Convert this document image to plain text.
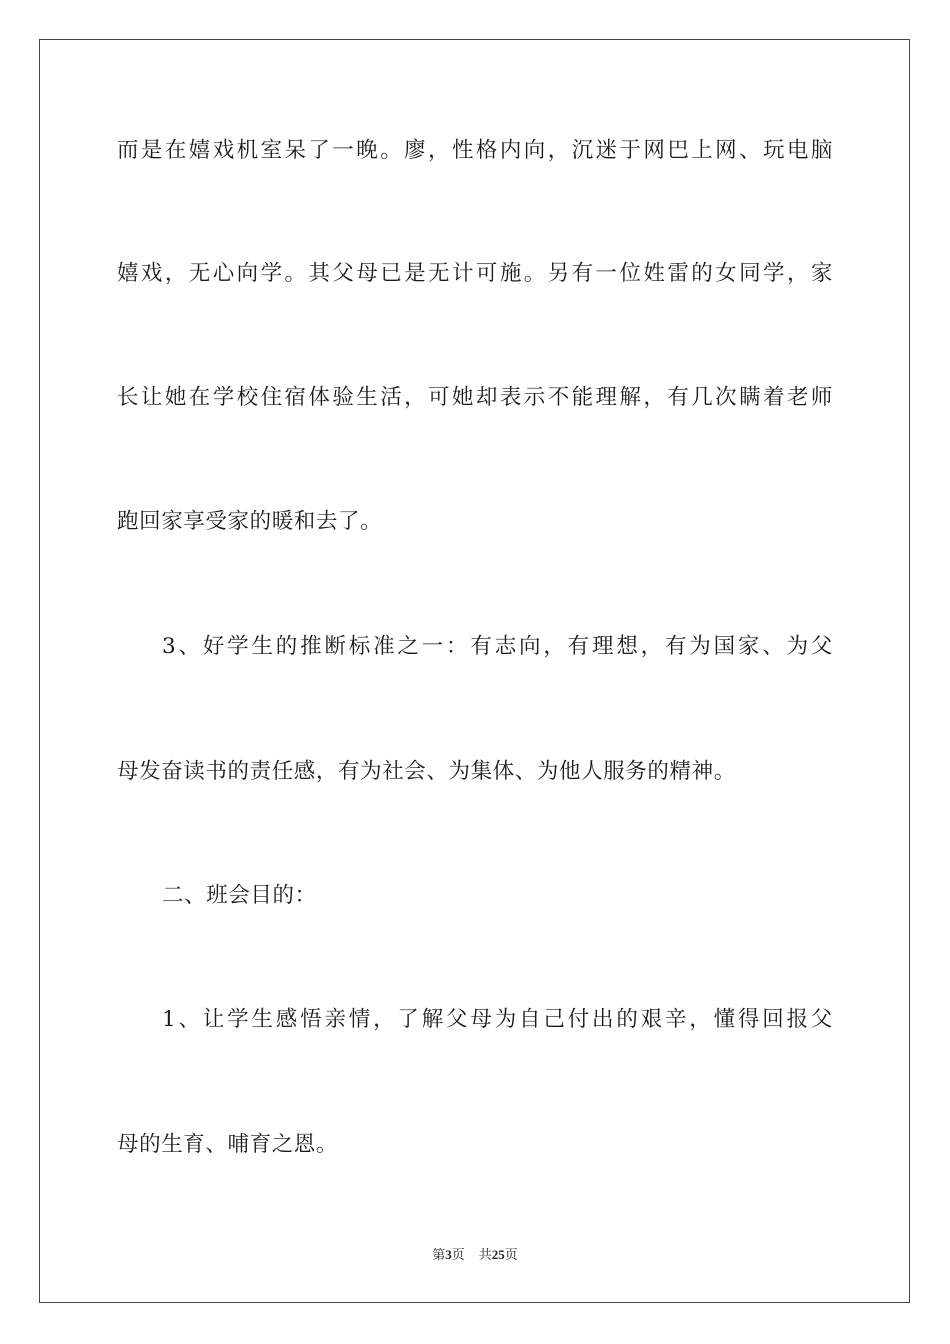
而是在嬉戏机室呆了一晚。廖，性格内向，沉迷于网巴上网、玩电脑
嬉戏，无心向学。其父母已是无计可施。另有一位姓雷的女同学，家
长让她在学校住宿体验生活，可她却表示不能理解，有几次瞒着老师
跑回家享受家的暖和去了。
3、好学生的推断标准之一：有志向，有理想，有为国家、为父
母发奋读书的责任感，有为社会、为集体、为他人服务的精神。
二、班会目的：
1、让学生感悟亲情，了解父母为自己付出的艰辛，懂得回报父
母的生育、哺育之恩。
第3页 共25页
